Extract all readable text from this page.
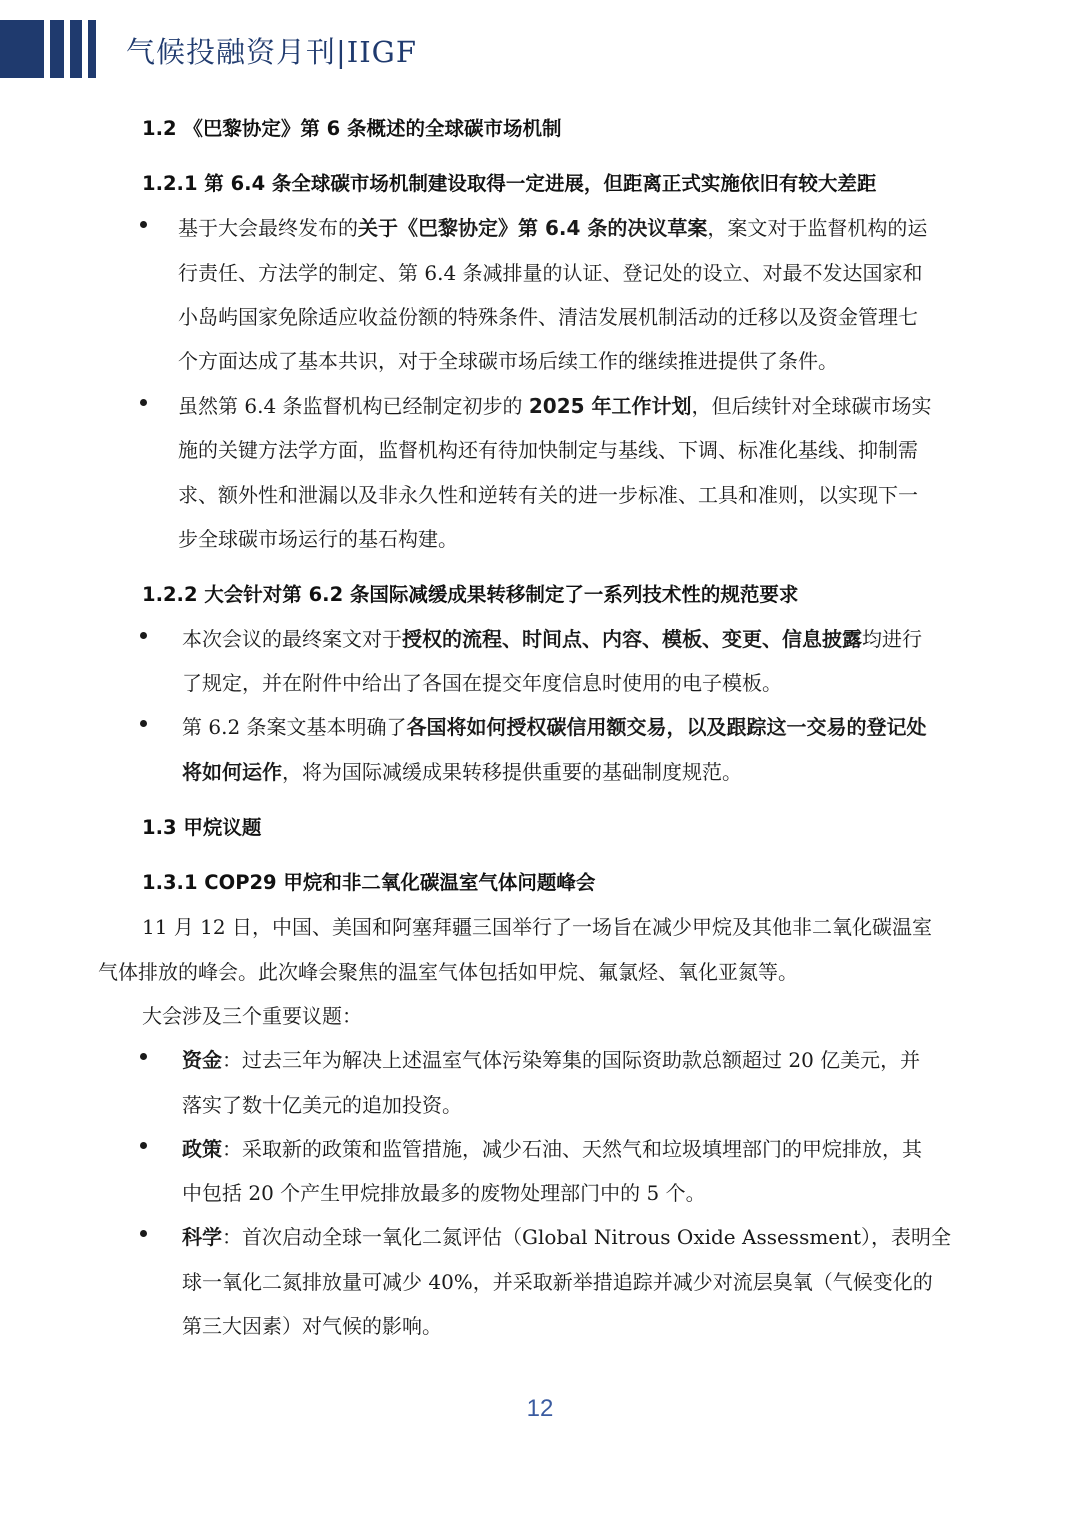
气候投融资月刊|IIGF
1.2 《巴黎协定》第 6 条概述的全球碳市场机制
1.2.1 第 6.4 条全球碳市场机制建设取得一定进展，但距离正式实施依旧有较大差距
基于大会最终发布的关于《巴黎协定》第 6.4 条的决议草案，案文对于监督机构的运
行责任、方法学的制定、第 6.4 条减排量的认证、登记处的设立、对最不发达国家和
小岛屿国家免除适应收益份额的特殊条件、清洁发展机制活动的迁移以及资金管理七
个方面达成了基本共识，对于全球碳市场后续工作的继续推进提供了条件。
虽然第 6.4 条监督机构已经制定初步的 2025 年工作计划，但后续针对全球碳市场实
施的关键方法学方面，监督机构还有待加快制定与基线、下调、标准化基线、抑制需
求、额外性和泄漏以及非永久性和逆转有关的进一步标准、工具和准则，以实现下一
步全球碳市场运行的基石构建。
1.2.2 大会针对第 6.2 条国际减缓成果转移制定了一系列技术性的规范要求
本次会议的最终案文对于授权的流程、时间点、内容、模板、变更、信息披露均进行
了规定，并在附件中给出了各国在提交年度信息时使用的电子模板。
第 6.2 条案文基本明确了各国将如何授权碳信用额交易，以及跟踪这一交易的登记处
将如何运作，将为国际减缓成果转移提供重要的基础制度规范。
1.3 甲烷议题
1.3.1 COP29 甲烷和非二氧化碳温室气体问题峰会
11 月 12 日，中国、美国和阿塞拜疆三国举行了一场旨在减少甲烷及其他非二氧化碳温室
气体排放的峰会。此次峰会聚焦的温室气体包括如甲烷、氟氯烃、氧化亚氮等。
大会涉及三个重要议题：
资金：过去三年为解决上述温室气体污染筹集的国际资助款总额超过 20 亿美元，并
落实了数十亿美元的追加投资。
政策：采取新的政策和监管措施，减少石油、天然气和垃圾填埋部门的甲烷排放，其
中包括 20 个产生甲烷排放最多的废物处理部门中的 5 个。
科学：首次启动全球一氧化二氮评估（Global Nitrous Oxide Assessment），表明全
球一氧化二氮排放量可减少 40%，并采取新举措追踪并减少对流层臭氧（气候变化的
第三大因素）对气候的影响。
12
